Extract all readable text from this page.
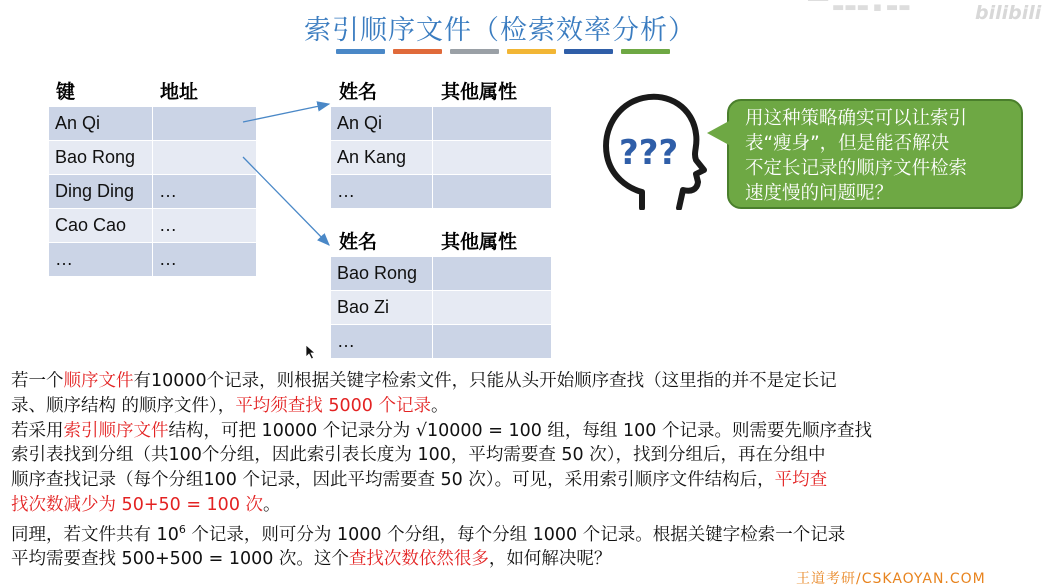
索引顺序文件（检索效率分析）
▔▔ ▬▬▬ ▪ ▬▬	bilibili
键	地址
An Qi	
Bao Rong	
Ding Ding	…
Cao Cao	…
…	…
姓名	其他属性
An Qi	
An Kang	
…	
姓名	其他属性
Bao Rong	
Bao Zi	
…	
???
用这种策略确实可以让索引
表“瘦身”，但是能否解决
不定长记录的顺序文件检索
速度慢的问题呢？

若一个顺序文件有10000个记录，则根据关键字检索文件，只能从头开始顺序查找（这里指的并不是定长记
录、顺序结构 的顺序文件），平均须查找 5000 个记录。

若采用索引顺序文件结构，可把 10000 个记录分为 √10000 = 100 组，每组 100 个记录。则需要先顺序查找
索引表找到分组（共100个分组，因此索引表长度为 100，平均需要查 50 次），找到分组后，再在分组中
顺序查找记录（每个分组100 个记录，因此平均需要查 50 次）。可见，采用索引顺序文件结构后，平均查
找次数减少为 50+50 = 100 次。

同理，若文件共有 $10^6$ 个记录，则可分为 1000 个分组，每个分组 1000 个记录。根据关键字检索一个记录
平均需要查找 500+500 = 1000 次。这个查找次数依然很多，如何解决呢？

王道考研/CSKAOYAN.COM
